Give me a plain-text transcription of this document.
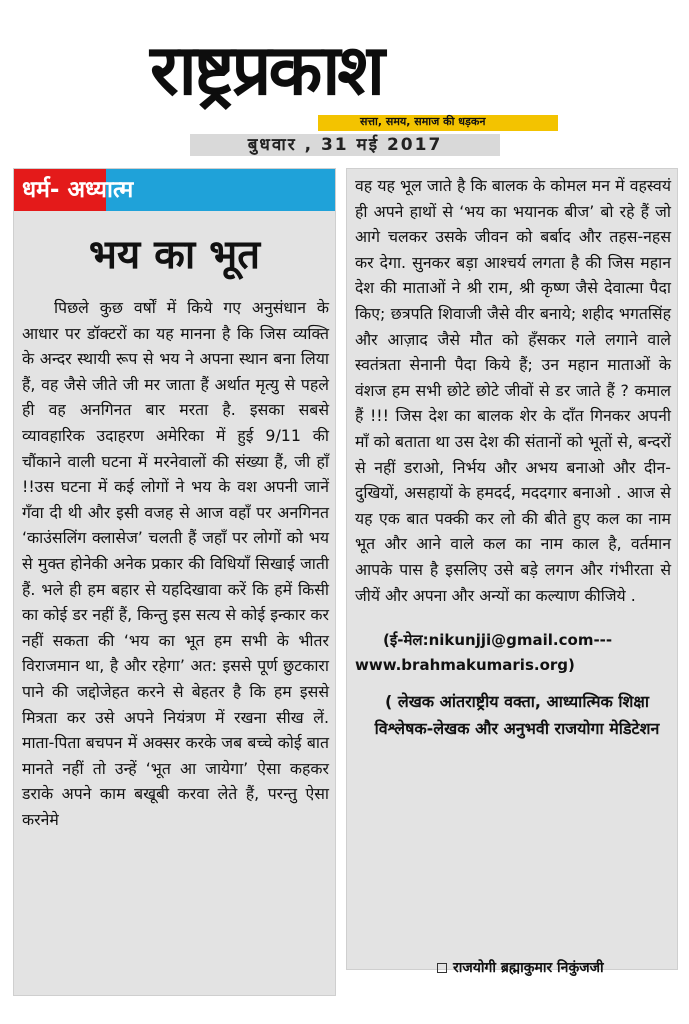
राष्ट्रप्रकाश
सत्ता, समय, समाज की धड़कन
बुधवार , 31 मई 2017
धर्म- अध्यात्म
भय का भूत

पिछले कुछ वर्षों में किये गए अनुसंधान के आधार पर डॉक्टरों का यह मानना है कि जिस व्यक्ति के अन्दर स्थायी रूप से भय ने अपना स्थान बना लिया हैं, वह जैसे जीते जी मर जाता हैं अर्थात मृत्यु से पहले ही वह अनगिनत बार मरता है. इसका सबसे व्यावहारिक उदाहरण अमेरिका में हुई 9/11 की चौंकाने वाली घटना में मरनेवालों की संख्या हैं, जी हाँ !!उस घटना में कई लोगों ने भय के वश अपनी जानें गँवा दी थी और इसी वजह से आज वहाँ पर अनगिनत ‘काउंसलिंग क्लासेज’ चलती हैं जहाँ पर लोगों को भय से मुक्त होनेकी अनेक प्रकार की विधियाँ सिखाई जाती हैं. भले ही हम बहार से यहदिखावा करें कि हमें किसी का कोई डर नहीं हैं, किन्तु इस सत्य से कोई इन्कार कर नहीं सकता की ‘भय का भूत हम सभी के भीतर विराजमान था, है और रहेगा’ अत: इससे पूर्ण छुटकारा पाने की जद्दोजेहत करने से बेहतर है कि हम इससे मित्रता कर उसे अपने नियंत्रण में रखना सीख लें. माता-पिता बचपन में अक्सर करके जब बच्चे कोई बात मानते नहीं तो उन्हें ‘भूत आ जायेगा’ ऐसा कहकर डराके अपने काम बखूबी करवा लेते हैं, परन्तु ऐसा करनेमे

वह यह भूल जाते है कि बालक के कोमल मन में वहस्वयं ही अपने हाथों से ‘भय का भयानक बीज’ बो रहे हैं जो आगे चलकर उसके जीवन को बर्बाद और तहस-नहस कर देगा. सुनकर बड़ा आश्चर्य लगता है की जिस महान देश की माताओं ने श्री राम, श्री कृष्ण जैसे देवात्मा पैदा किए; छत्रपति शिवाजी जैसे वीर बनाये; शहीद भगतसिंह और आज़ाद जैसे मौत को हँसकर गले लगाने वाले स्वतंत्रता सेनानी पैदा किये हैं; उन महान माताओं के वंशज हम सभी छोटे छोटे जीवों से डर जाते हैं ? कमाल हैं !!! जिस देश का बालक शेर के दाँत गिनकर अपनी माँ को बताता था उस देश की संतानों को भूतों से, बन्दरों से नहीं डराओ, निर्भय और अभय बनाओ और दीन-दुखियों, असहायों के हमदर्द, मददगार बनाओ . आज से यह एक बात पक्की कर लो की बीते हुए कल का नाम भूत और आने वाले कल का नाम काल है, वर्तमान आपके पास है इसलिए उसे बड़े लगन और गंभीरता से जीयें और अपना और अन्यों का कल्याण कीजिये .

(ई-मेल:nikunjji@gmail.com---
www.brahmakumaris.org)
( लेखक आंतराष्ट्रीय वक्ता, आध्यात्मिक शिक्षा विश्लेषक-लेखक और अनुभवी राजयोगा मेडिटेशन
राजयोगी ब्रह्माकुमार निकुंजजी
